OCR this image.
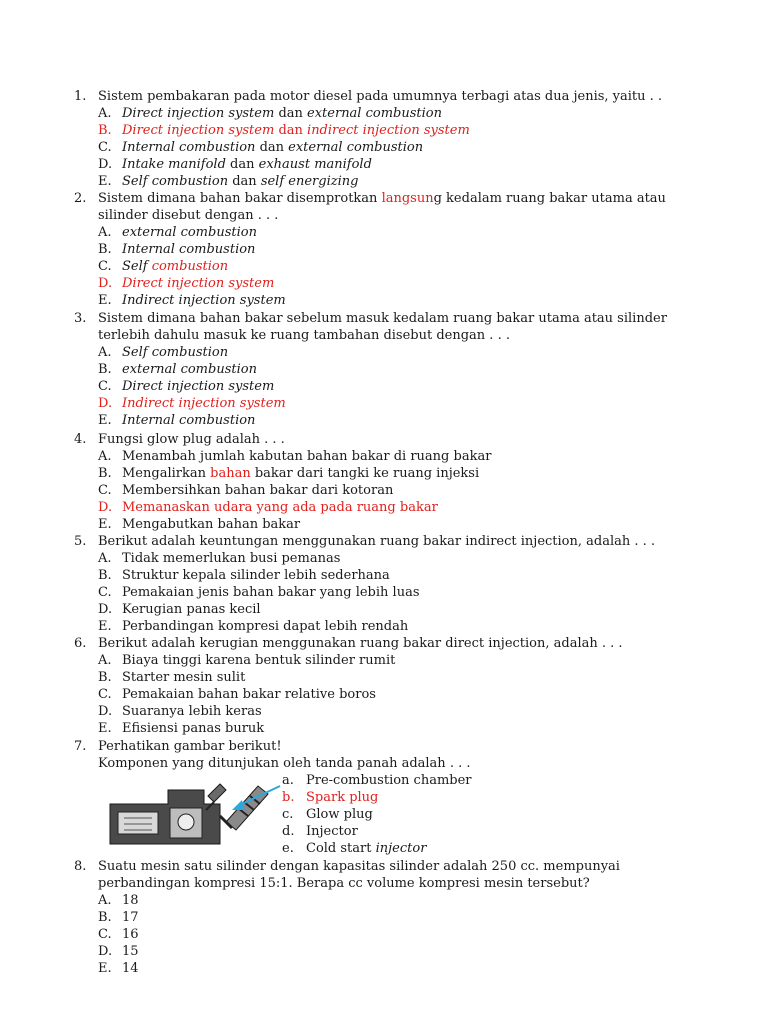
1. Sistem pembakaran pada motor diesel pada umumnya terbagi atas dua jenis, yaitu . .
A. Direct injection system dan external combustion
B. Direct injection system dan indirect injection system
C. Internal combustion dan external combustion
D. Intake manifold dan exhaust manifold
E. Self combustion dan self energizing
2. Sistem dimana bahan bakar disemprotkan langsung kedalam ruang bakar utama atau
silinder disebut dengan . . .
A. external combustion
B. Internal combustion
C. Self combustion
D. Direct injection system
E. Indirect injection system
3. Sistem dimana bahan bakar sebelum masuk kedalam ruang bakar utama atau silinder
terlebih dahulu masuk ke ruang tambahan disebut dengan . . .
A. Self combustion
B. external combustion
C. Direct injection system
D. Indirect injection system
E. Internal combustion
4. Fungsi glow plug adalah . . .
A. Menambah jumlah kabutan bahan bakar di ruang bakar
B. Mengalirkan bahan bakar dari tangki ke ruang injeksi
C. Membersihkan bahan bakar dari kotoran
D. Memanaskan udara yang ada pada ruang bakar
E. Mengabutkan bahan bakar
5. Berikut adalah keuntungan menggunakan ruang bakar indirect injection, adalah . . .
A. Tidak memerlukan busi pemanas
B. Struktur kepala silinder lebih sederhana
C. Pemakaian jenis bahan bakar yang lebih luas
D. Kerugian panas kecil
E. Perbandingan kompresi dapat lebih rendah
6. Berikut adalah kerugian menggunakan ruang bakar direct injection, adalah . . .
A. Biaya tinggi karena bentuk silinder rumit
B. Starter mesin sulit
C. Pemakaian bahan bakar relative boros
D. Suaranya lebih keras
E. Efisiensi panas buruk
7. Perhatikan gambar berikut!
Komponen yang ditunjukan oleh tanda panah adalah . . .
a. Pre-combustion chamber
b. Spark plug
c. Glow plug
d. Injector
e. Cold start injector
8. Suatu mesin satu silinder dengan kapasitas silinder adalah 250 cc. mempunyai
perbandingan kompresi 15:1. Berapa cc volume kompresi mesin tersebut?
A. 18
B. 17
C. 16
D. 15
E. 14
